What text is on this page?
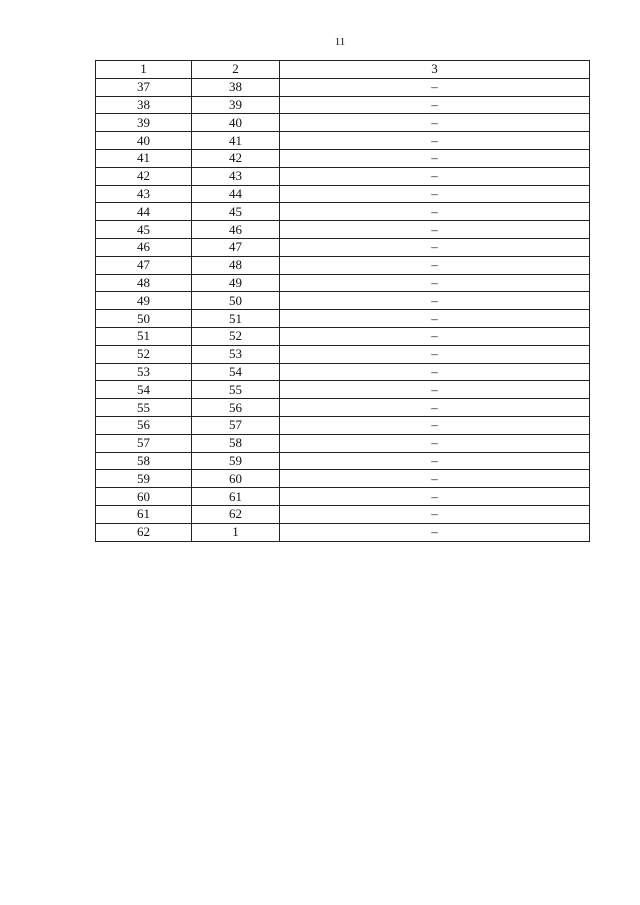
11
1	2	3
37	38	–
38	39	–
39	40	–
40	41	–
41	42	–
42	43	–
43	44	–
44	45	–
45	46	–
46	47	–
47	48	–
48	49	–
49	50	–
50	51	–
51	52	–
52	53	–
53	54	–
54	55	–
55	56	–
56	57	–
57	58	–
58	59	–
59	60	–
60	61	–
61	62	–
62	1	–
